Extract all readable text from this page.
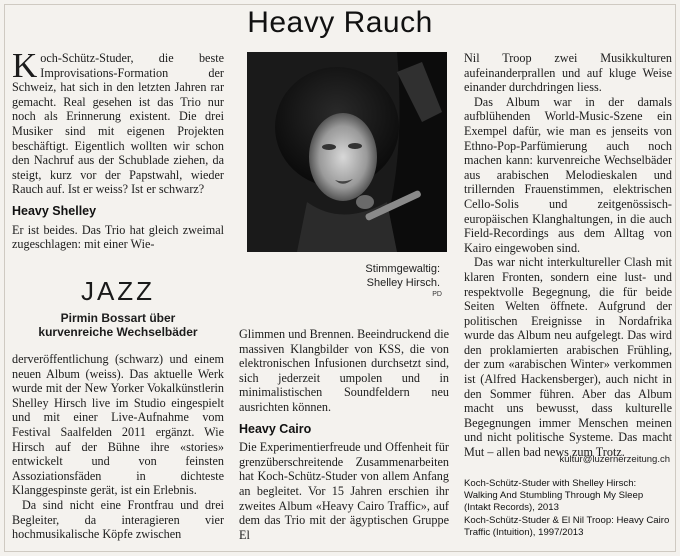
Heavy Rauch

Koch-Schütz-Studer, die beste Improvisations-Formation der Schweiz, hat sich in den letzten Jahren rar gemacht. Real gesehen ist das Trio nur noch als Erinnerung existent. Die drei Musiker sind mit eigenen Projekten beschäftigt. Eigentlich wollten wir schon den Nachruf aus der Schublade ziehen, da steigt, kurz vor der Papstwahl, wieder Rauch auf. Ist er weiss? Ist er schwarz?

Heavy Shelley

Er ist beides. Das Trio hat gleich zweimal zugeschlagen: mit einer Wie-

JAZZ
Pirmin Bossart über
kurvenreiche Wechselbäder

derveröffentlichung (schwarz) und einem neuen Album (weiss). Das aktuelle Werk wurde mit der New Yorker Vokalkünstlerin Shelley Hirsch live im Studio eingespielt und mit einer Live-Aufnahme vom Festival Saalfelden 2011 ergänzt. Wie Hirsch auf der Bühne ihre «stories» entwickelt und von feinsten Assoziationsfäden in dichteste Klanggespinste gerät, ist ein Erlebnis.

Da sind nicht eine Frontfrau und drei Begleiter, da interagieren vier hochmusikalische Köpfe zwischen

Stimmgewaltig:
Shelley Hirsch.
PD

Glimmen und Brennen. Beeindruckend die massiven Klangbilder von KSS, die von elektronischen Infusionen durchsetzt sind, sich jederzeit umpolen und in minimalistischen Soundfeldern neu ausrichten können.

Heavy Cairo

Die Experimentierfreude und Offenheit für grenzüberschreitende Zusammenarbeiten hat Koch-Schütz-Studer von allem Anfang an begleitet. Vor 15 Jahren erschien ihr zweites Album «Heavy Cairo Traffic», auf dem das Trio mit der ägyptischen Gruppe El

Nil Troop zwei Musikkulturen aufeinanderprallen und auf kluge Weise einander durchdringen liess.

Das Album war in der damals aufblühenden World-Music-Szene ein Exempel dafür, wie man es jenseits von Ethno-Pop-Parfümierung auch noch machen kann: kurvenreiche Wechselbäder aus arabischen Melodieskalen und trillernden Frauenstimmen, elektrischen Cello-Solis und zeitgenössisch-europäischen Klanghaltungen, in die auch Field-Recordings aus dem Alltag von Kairo eingewoben sind.

Das war nicht interkultureller Clash mit klaren Fronten, sondern eine lust- und respektvolle Begegnung, die für beide Seiten Welten öffnete. Aufgrund der politischen Ereignisse in Nordafrika wurde das Album neu aufgelegt. Das wird den proklamierten arabischen Frühling, der zum «arabischen Winter» verkommen ist (Alfred Hackensberger), auch nicht in den Sommer führen. Aber das Album macht uns bewusst, dass kulturelle Begegnungen immer Menschen meinen und nicht politische Systeme. Das macht Mut – allen bad news zum Trotz.

kultur@luzernerzeitung.ch

Koch-Schütz-Studer with Shelley Hirsch:

Walking And Stumbling Through My Sleep

(Intakt Records), 2013

Koch-Schütz-Studer & El Nil Troop: Heavy Cairo

Traffic (Intuition), 1997/2013
